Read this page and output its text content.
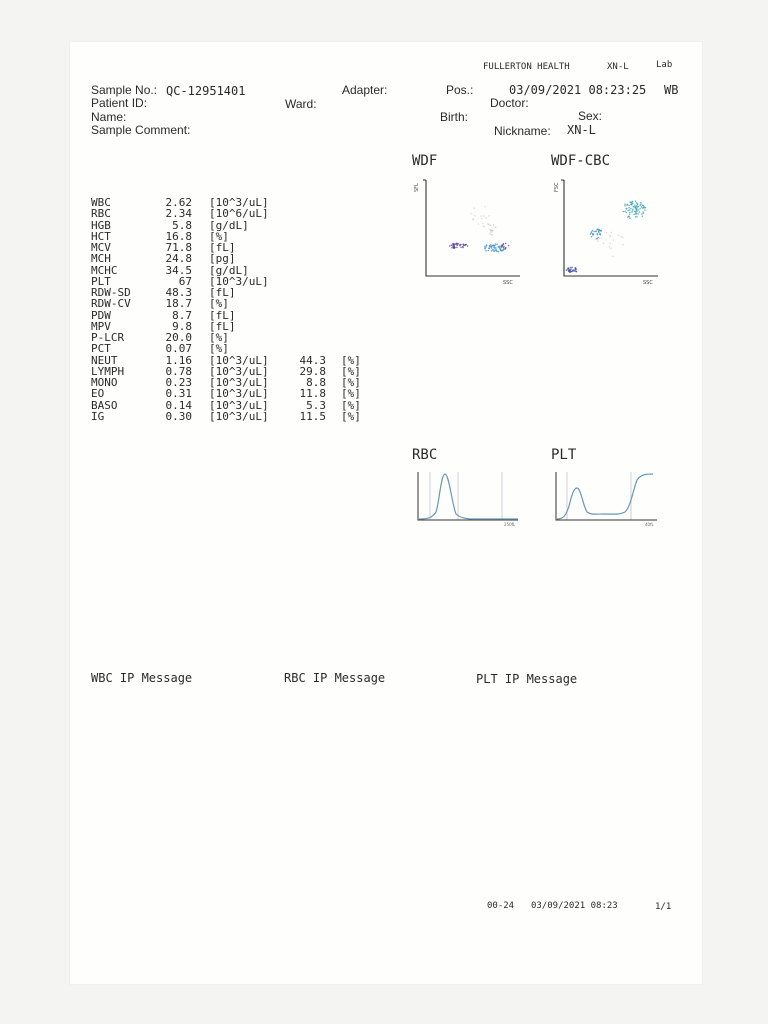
FULLERTON HEALTH	XN-L	Lab
Sample No.: QC-12951401	Adapter:	Pos.:	03/09/2021 08:23:25 WB
Patient ID:	Ward:	Doctor:
Name:	Birth:	Sex:
Sample Comment:	Nickname: XN-L
WBC	2.62 [10^3/uL]
RBC	2.34 [10^6/uL]
HGB	5.8 [g/dL]
HCT	16.8 [%]
MCV	71.8 [fL]
MCH	24.8 [pg]
MCHC	34.5 [g/dL]
PLT	67 [10^3/uL]
RDW-SD	48.3 [fL]
RDW-CV	18.7 [%]
PDW	8.7 [fL]
MPV	9.8 [fL]
P-LCR	20.0 [%]
PCT	0.07 [%]
NEUT	1.16 [10^3/uL]	44.3 [%]
LYMPH	0.78 [10^3/uL]	29.8 [%]
MONO	0.23 [10^3/uL]	8.8 [%]
EO	0.31 [10^3/uL]	11.8 [%]
BASO	0.14 [10^3/uL]	5.3 [%]
IG	0.30 [10^3/uL]	11.5 [%]
WDF	WDF-CBC
RBC	PLT
SFL
SSC
FSC
SSC
250fL	40fL
WBC IP Message	RBC IP Message	PLT IP Message
00-24 03/09/2021 08:23	1/1
